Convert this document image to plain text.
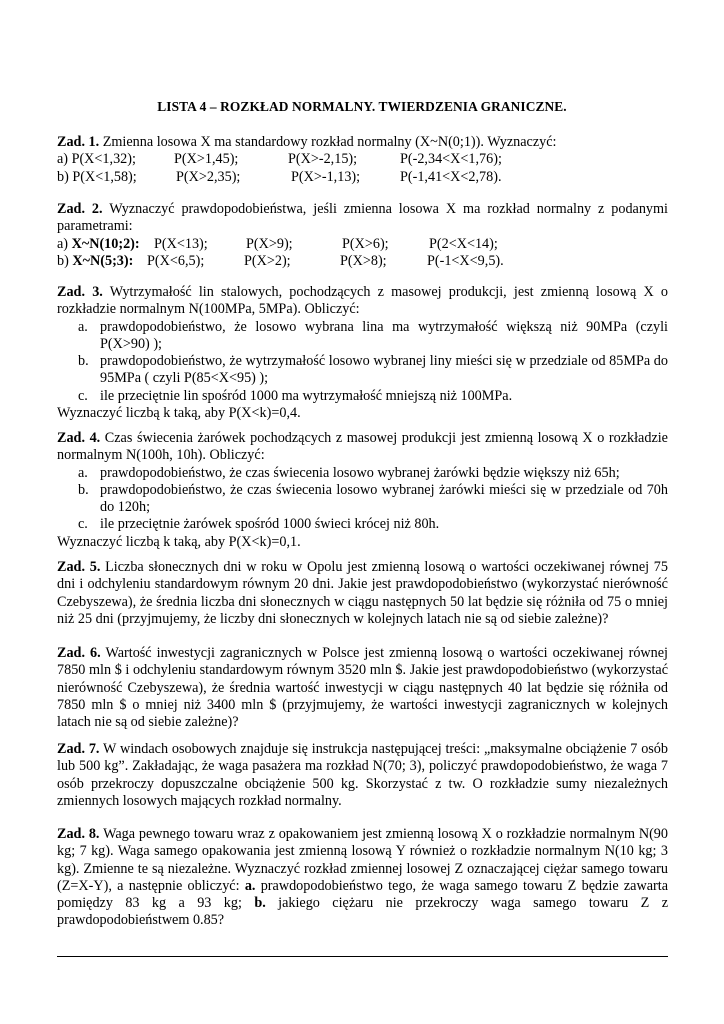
LISTA 4 – ROZKŁAD NORMALNY. TWIERDZENIA GRANICZNE.
Zad. 1. Zmienna losowa X ma standardowy rozkład normalny (X~N(0;1)). Wyznaczyć:
a) P(X<1,32);	P(X>1,45);	P(X>-2,15);	P(-2,34<X<1,76);
b) P(X<1,58);	P(X>2,35);	P(X>-1,13);	P(-1,41<X<2,78).
Zad. 2. Wyznaczyć prawdopodobieństwa, jeśli zmienna losowa X ma rozkład normalny z podanymi parametrami:
a) X~N(10;2): P(X<13);	P(X>9);	P(X>6);	P(2<X<14);
b) X~N(5;3): P(X<6,5);	P(X>2);	P(X>8);	P(-1<X<9,5).
Zad. 3. Wytrzymałość lin stalowych, pochodzących z masowej produkcji, jest zmienną losową X o rozkładzie normalnym N(100MPa, 5MPa). Obliczyć:
a. prawdopodobieństwo, że losowo wybrana lina ma wytrzymałość większą niż 90MPa (czyli P(X>90) );
b. prawdopodobieństwo, że wytrzymałość losowo wybranej liny mieści się w przedziale od 85MPa do 95MPa ( czyli P(85<X<95) );
c. ile przeciętnie lin spośród 1000 ma wytrzymałość mniejszą niż 100MPa.
Wyznaczyć liczbą k taką, aby P(X<k)=0,4.
Zad. 4. Czas świecenia żarówek pochodzących z masowej produkcji jest zmienną losową X o rozkładzie normalnym N(100h, 10h). Obliczyć:
a. prawdopodobieństwo, że czas świecenia losowo wybranej żarówki będzie większy niż 65h;
b. prawdopodobieństwo, że czas świecenia losowo wybranej żarówki mieści się w przedziale od 70h do 120h;
c. ile przeciętnie żarówek spośród 1000 świeci krócej niż 80h.
Wyznaczyć liczbą k taką, aby P(X<k)=0,1.
Zad. 5. Liczba słonecznych dni w roku w Opolu jest zmienną losową o wartości oczekiwanej równej 75 dni i odchyleniu standardowym równym 20 dni. Jakie jest prawdopodobieństwo (wykorzystać nierówność Czebyszewa), że średnia liczba dni słonecznych w ciągu następnych 50 lat będzie się różniła od 75 o mniej niż 25 dni (przyjmujemy, że liczby dni słonecznych w kolejnych latach nie są od siebie zależne)?
Zad. 6. Wartość inwestycji zagranicznych w Polsce jest zmienną losową o wartości oczekiwanej równej 7850 mln $ i odchyleniu standardowym równym 3520 mln $. Jakie jest prawdopodobieństwo (wykorzystać nierówność Czebyszewa), że średnia wartość inwestycji w ciągu następnych 40 lat będzie się różniła od 7850 mln $ o mniej niż 3400 mln $ (przyjmujemy, że wartości inwestycji zagranicznych w kolejnych latach nie są od siebie zależne)?
Zad. 7. W windach osobowych znajduje się instrukcja następującej treści: „maksymalne obciążenie 7 osób lub 500 kg”. Zakładając, że waga pasażera ma rozkład N(70; 3), policzyć prawdopodobieństwo, że waga 7 osób przekroczy dopuszczalne obciążenie 500 kg. Skorzystać z tw. O rozkładzie sumy niezależnych zmiennych losowych mających rozkład normalny.
Zad. 8. Waga pewnego towaru wraz z opakowaniem jest zmienną losową X o rozkładzie normalnym N(90 kg; 7 kg). Waga samego opakowania jest zmienną losową Y również o rozkładzie normalnym N(10 kg; 3 kg). Zmienne te są niezależne. Wyznaczyć rozkład zmiennej losowej Z oznaczającej ciężar samego towaru (Z=X-Y), a następnie obliczyć: a. prawdopodobieństwo tego, że waga samego towaru Z będzie zawarta pomiędzy 83 kg a 93 kg; b. jakiego ciężaru nie przekroczy waga samego towaru Z z prawdopodobieństwem 0.85?
